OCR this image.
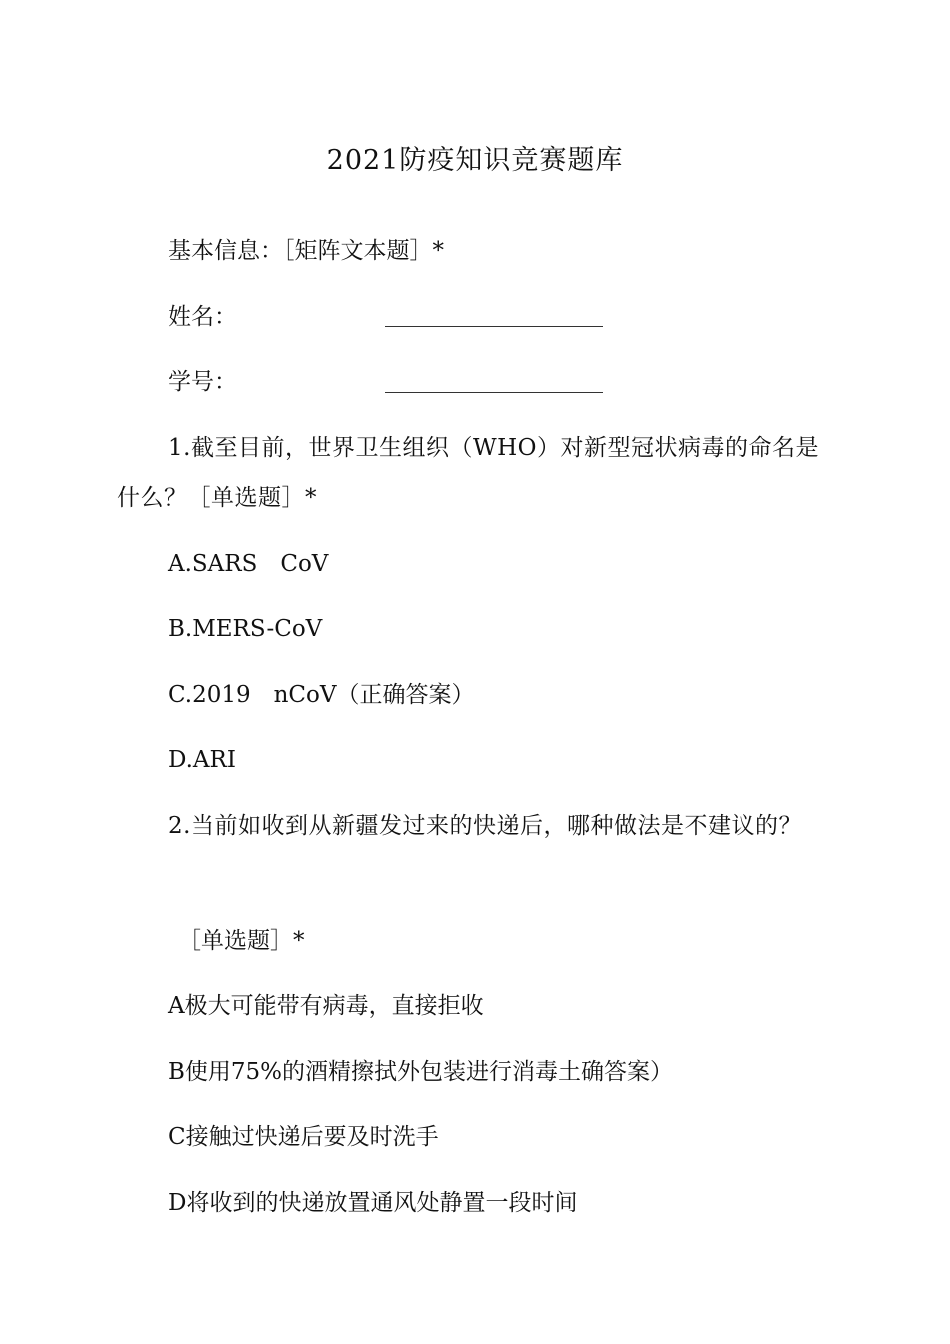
2021防疫知识竞赛题库
基本信息：［矩阵文本题］*
姓名：
学号：
1.截至目前，世界卫生组织（WHO）对新型冠状病毒的命名是什么？［单选题］*
A.SARS　CoV
B.MERS-CoV
C.2019　nCoV（正确答案）
D.ARI
2.当前如收到从新疆发过来的快递后，哪种做法是不建议的？
［单选题］*
A极大可能带有病毒，直接拒收
B使用75%的酒精擦拭外包装进行消毒土确答案）
C接触过快递后要及时洗手
D将收到的快递放置通风处静置一段时间
